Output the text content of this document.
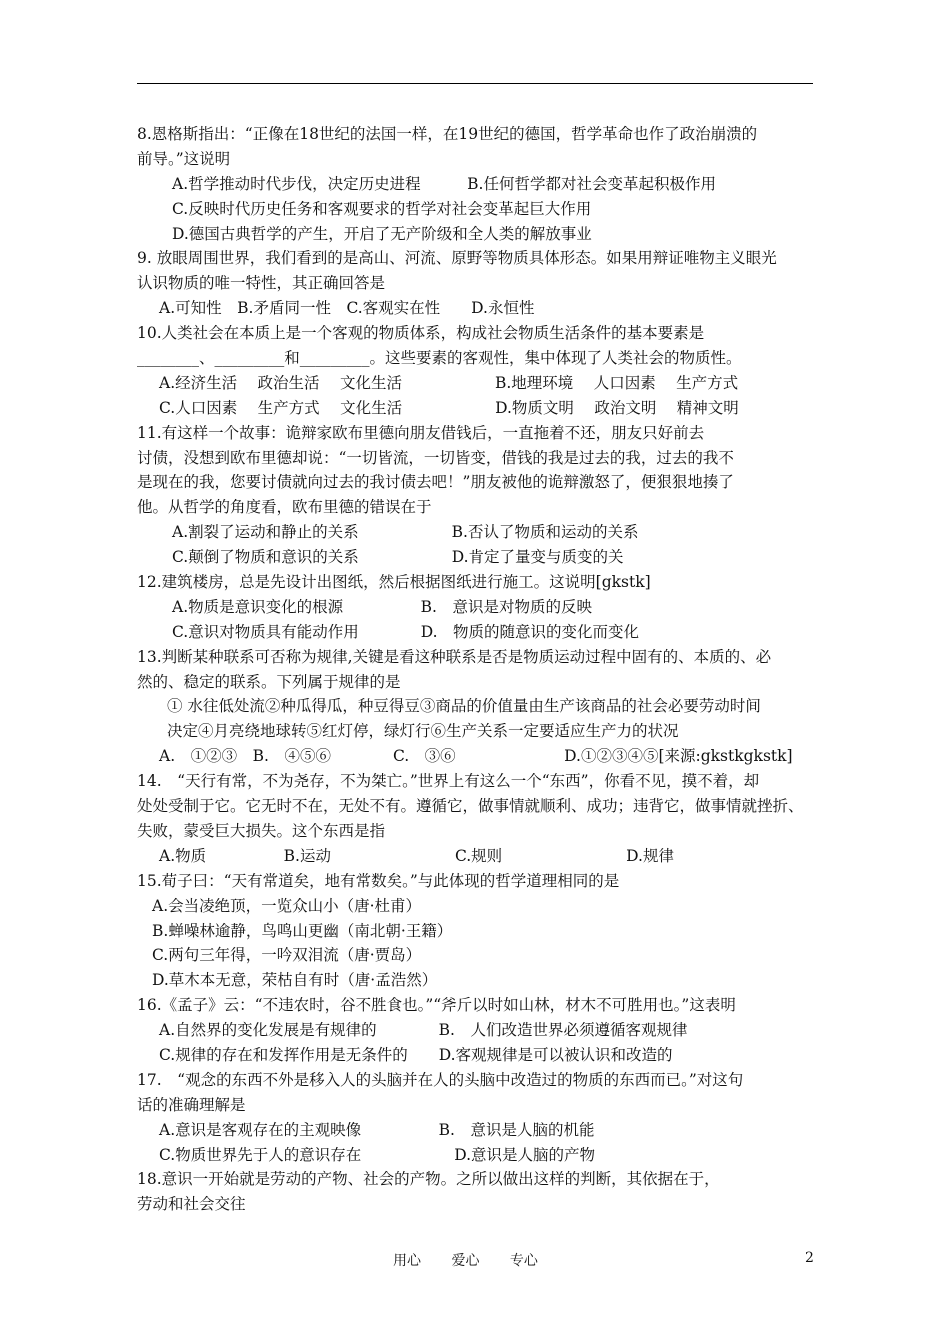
8.恩格斯指出：“正像在18世纪的法国一样，在19世纪的德国，哲学革命也作了政治崩溃的
前导。”这说明
A.哲学推动时代步伐，决定历史进程　　　B.任何哲学都对社会变革起积极作用
C.反映时代历史任务和客观要求的哲学对社会变革起巨大作用
D.德国古典哲学的产生，开启了无产阶级和全人类的解放事业
9. 放眼周围世界，我们看到的是高山、河流、原野等物质具体形态。如果用辩证唯物主义眼光
认识物质的唯一特性，其正确回答是
A.可知性　B.矛盾同一性　C.客观实在性　　D.永恒性
10.人类社会在本质上是一个客观的物质体系，构成社会物质生活条件的基本要素是
________、_________和_________。这些要素的客观性，集中体现了人类社会的物质性。
A.经济生活　 政治生活　 文化生活　　　　　　B.地理环境　 人口因素　 生产方式
C.人口因素　 生产方式　 文化生活　　　　　　D.物质文明　 政治文明　 精神文明
11.有这样一个故事：诡辩家欧布里德向朋友借钱后，一直拖着不还，朋友只好前去
讨债，没想到欧布里德却说：“一切皆流，一切皆变，借钱的我是过去的我，过去的我不
是现在的我，您要讨债就向过去的我讨债去吧！”朋友被他的诡辩激怒了，便狠狠地揍了
他。从哲学的角度看，欧布里德的错误在于
A.割裂了运动和静止的关系　　　　　　B.否认了物质和运动的关系
C.颠倒了物质和意识的关系　　　　　　D.肯定了量变与质变的关
12.建筑楼房，总是先设计出图纸，然后根据图纸进行施工。这说明[gkstk]
A.物质是意识变化的根源　　　　　B.　意识是对物质的反映
C.意识对物质具有能动作用　　　　D.　物质的随意识的变化而变化
13.判断某种联系可否称为规律,关键是看这种联系是否是物质运动过程中固有的、本质的、必
然的、稳定的联系。下列属于规律的是
① 水往低处流②种瓜得瓜，种豆得豆③商品的价值量由生产该商品的社会必要劳动时间
决定④月亮绕地球转⑤红灯停，绿灯行⑥生产关系一定要适应生产力的状况
A.　①②③　B.　④⑤⑥　　　　C.　③⑥　　　　　　　D.①②③④⑤[来源:gkstkgkstk]
14.　“天行有常，不为尧存，不为桀亡。”世界上有这么一个“东西”，你看不见，摸不着，却
处处受制于它。它无时不在，无处不有。遵循它，做事情就顺利、成功；违背它，做事情就挫折、
失败，蒙受巨大损失。这个东西是指
A.物质　　　　　B.运动　　　　　　　　C.规则　　　　　　　　D.规律
15.荀子曰：“天有常道矣，地有常数矣。”与此体现的哲学道理相同的是
A.会当凌绝顶，一览众山小（唐·杜甫）
B.蝉噪林逾静，鸟鸣山更幽（南北朝·王籍）
C.两句三年得，一吟双泪流（唐·贾岛）
D.草木本无意，荣枯自有时（唐·孟浩然）
16.《孟子》云：“不违农时，谷不胜食也。”“斧斤以时如山林，材木不可胜用也。”这表明
A.自然界的变化发展是有规律的　　　　B.　人们改造世界必须遵循客观规律
C.规律的存在和发挥作用是无条件的　　D.客观规律是可以被认识和改造的
17.　“观念的东西不外是移入人的头脑并在人的头脑中改造过的物质的东西而已。”对这句
话的准确理解是
A.意识是客观存在的主观映像　　　　　B.　意识是人脑的机能
C.物质世界先于人的意识存在　　　　　　D.意识是人脑的产物
18.意识一开始就是劳动的产物、社会的产物。之所以做出这样的判断，其依据在于，
劳动和社会交往
用心 爱心 专心	2
